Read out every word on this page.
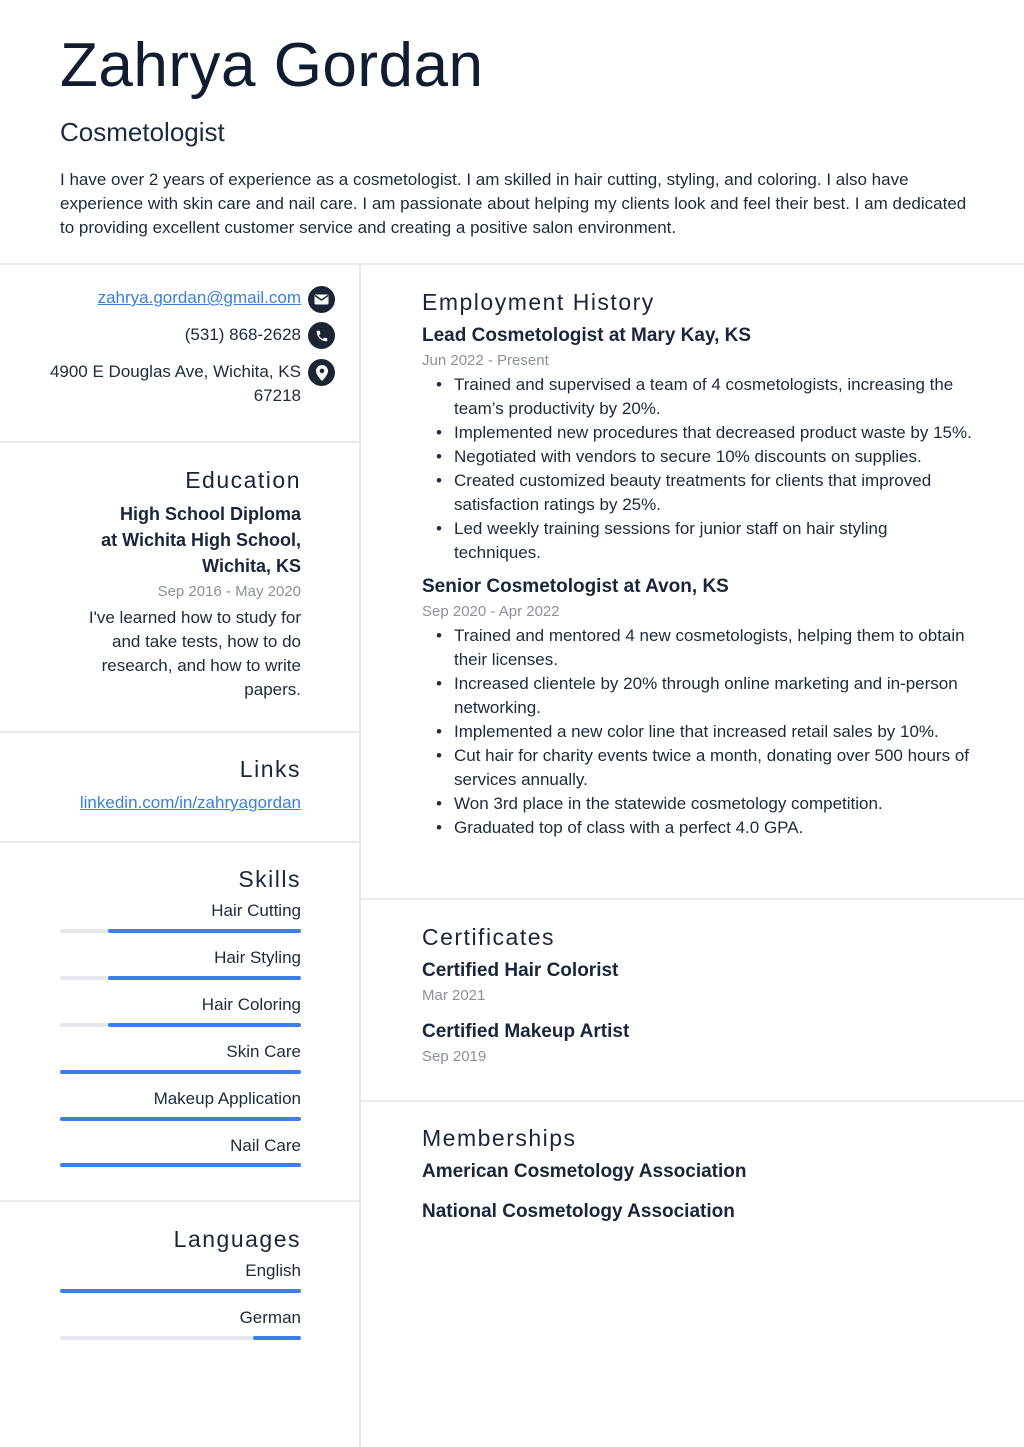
Zahrya Gordan
Cosmetologist
I have over 2 years of experience as a cosmetologist. I am skilled in hair cutting, styling, and coloring. I also have experience with skin care and nail care. I am passionate about helping my clients look and feel their best. I am dedicated to providing excellent customer service and creating a positive salon environment.
zahrya.gordan@gmail.com
(531) 868-2628
4900 E Douglas Ave, Wichita, KS
67218
Education
High School Diploma
at Wichita High School,
Wichita, KS
Sep 2016 - May 2020
I've learned how to study for and take tests, how to do research, and how to write papers.
Links
linkedin.com/in/zahryagordan
Skills
Hair Cutting
Hair Styling
Hair Coloring
Skin Care
Makeup Application
Nail Care
Languages
English
German
Employment History
Lead Cosmetologist at Mary Kay, KS
Jun 2022 - Present
• Trained and supervised a team of 4 cosmetologists, increasing the team’s productivity by 20%.
• Implemented new procedures that decreased product waste by 15%.
• Negotiated with vendors to secure 10% discounts on supplies.
• Created customized beauty treatments for clients that improved satisfaction ratings by 25%.
• Led weekly training sessions for junior staff on hair styling techniques.
Senior Cosmetologist at Avon, KS
Sep 2020 - Apr 2022
• Trained and mentored 4 new cosmetologists, helping them to obtain their licenses.
• Increased clientele by 20% through online marketing and in-person networking.
• Implemented a new color line that increased retail sales by 10%.
• Cut hair for charity events twice a month, donating over 500 hours of services annually.
• Won 3rd place in the statewide cosmetology competition.
• Graduated top of class with a perfect 4.0 GPA.
Certificates
Certified Hair Colorist
Mar 2021
Certified Makeup Artist
Sep 2019
Memberships
American Cosmetology Association
National Cosmetology Association
